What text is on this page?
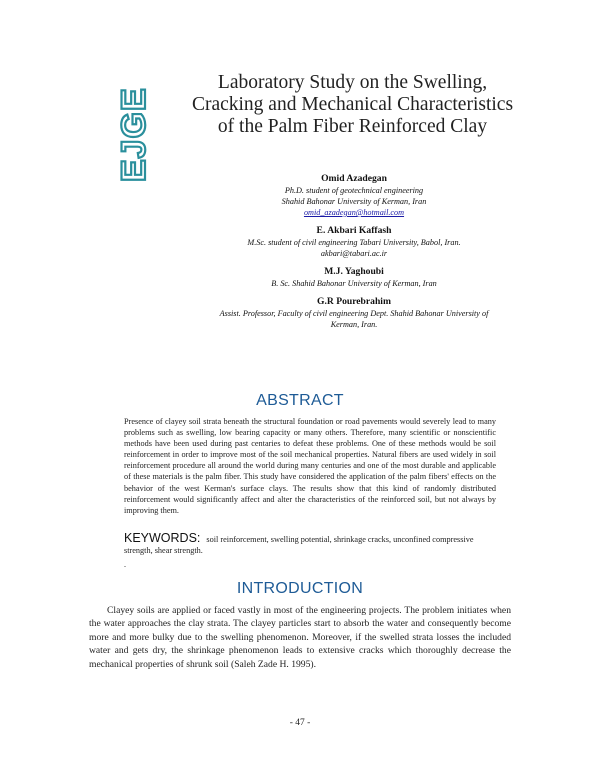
EJGE
Laboratory Study on the Swelling,
Cracking and Mechanical Characteristics
of the Palm Fiber Reinforced Clay
Omid Azadegan
Ph.D. student of geotechnical engineering
Shahid Bahonar University of Kerman, Iran
omid_azadegan@hotmail.com
E. Akbari Kaffash
M.Sc. student of civil engineering Tabari University, Babol, Iran.
akbari@tabari.ac.ir
M.J. Yaghoubi
B. Sc. Shahid Bahonar University of Kerman, Iran
G.R Pourebrahim
Assist. Professor, Faculty of civil engineering Dept. Shahid Bahonar University of
Kerman, Iran.
ABSTRACT
Presence of clayey soil strata beneath the structural foundation or road pavements would severely lead to many problems such as swelling, low bearing capacity or many others. Therefore, many scientific or nonscientific methods have been used during past centaries to defeat these problems. One of these methods would be soil reinforcement in order to improve most of the soil mechanical properties. Natural fibers are used widely in soil reinforcement procedure all around the world during many centuries and one of the most durable and applicable of these materials is the palm fiber. This study have considered the application of the palm fibers' effects on the behavior of the west Kerman's surface clays. The results show that this kind of randomly distributed reinforcement would significantly affect and alter the characteristics of the reinforced soil, but not always by improving them.
KEYWORDS: soil reinforcement, swelling potential, shrinkage cracks, unconfined compressive strength, shear strength.
.
INTRODUCTION
Clayey soils are applied or faced vastly in most of the engineering projects. The problem initiates when the water approaches the clay strata. The clayey particles start to absorb the water and consequently become more and more bulky due to the swelling phenomenon. Moreover, if the swelled strata losses the included water and gets dry, the shrinkage phenomenon leads to extensive cracks which thoroughly decrease the mechanical properties of shrunk soil (Saleh Zade H. 1995).
- 47 -
